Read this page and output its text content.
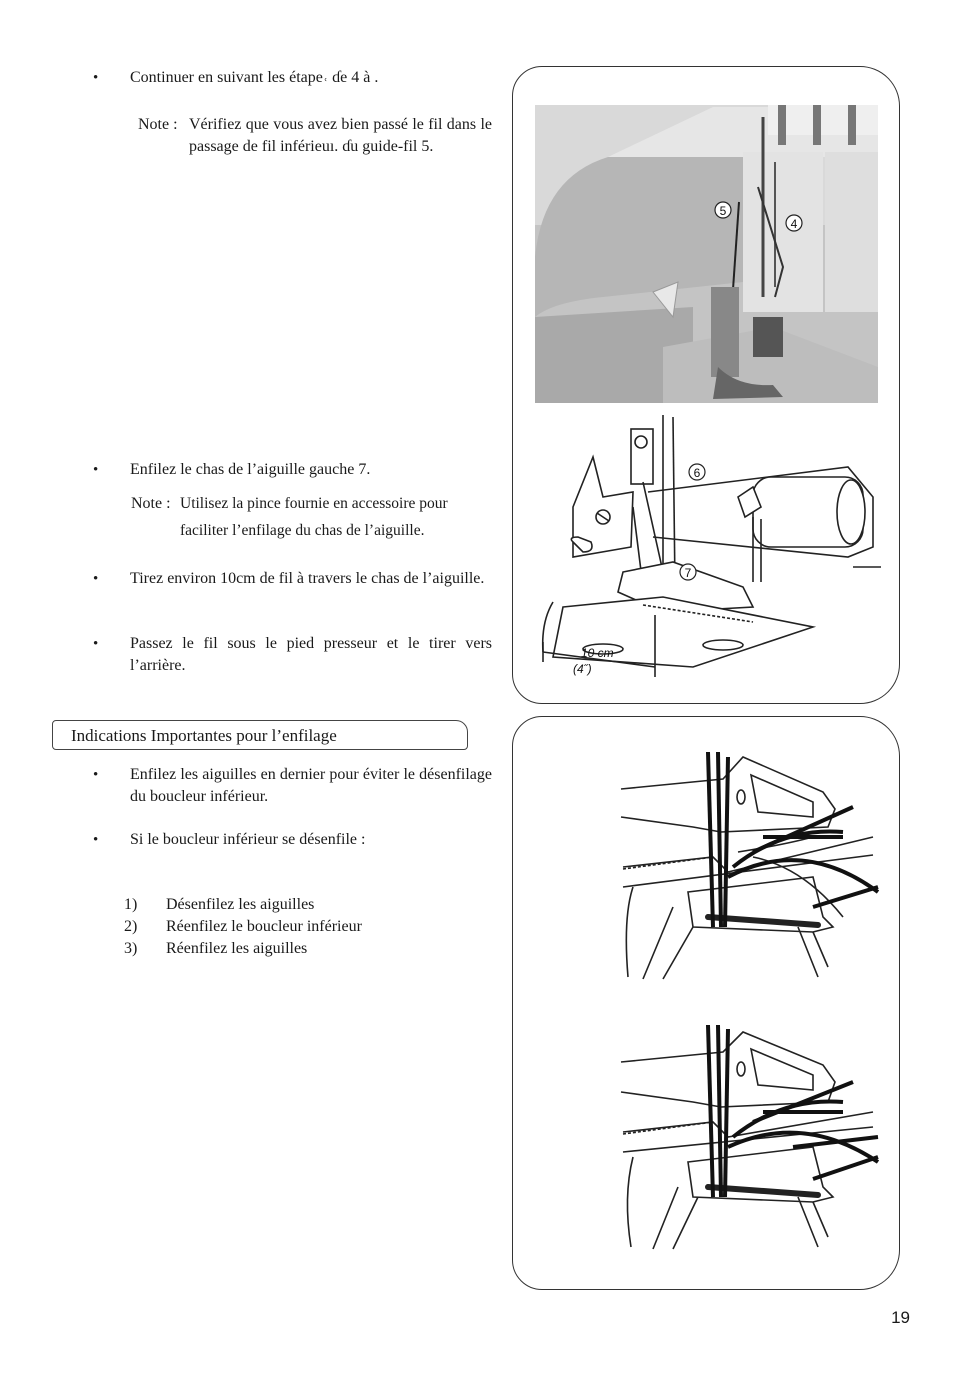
• Continuer en suivant les étape˓ ɗe 4 à .
Note : Vérifiez que vous avez bien passé le fil dans le passage de fil inférieuı. ɗu guide-fil 5.
• Enfilez le chas de l’aiguille gauche 7.
Note : Utilisez la pince fournie en accessoire pour
faciliter l’enfilage du chas de l’aiguille.
• Tirez environ 10cm de fil à travers le chas de l’aiguille.
• Passez le fil sous le pied presseur et le tirer vers l’arrière.
Indications Importantes pour l’enfilage
• Enfilez les aiguilles en dernier pour éviter le désenfilage du boucleur inférieur.
• Si le boucleur inférieur se désenfile :
1) Désenfilez les aiguilles
2) Réenfilez le boucleur inférieur
3) Réenfilez les aiguilles
5
4
6
7
10 cm
(4˝)
19
